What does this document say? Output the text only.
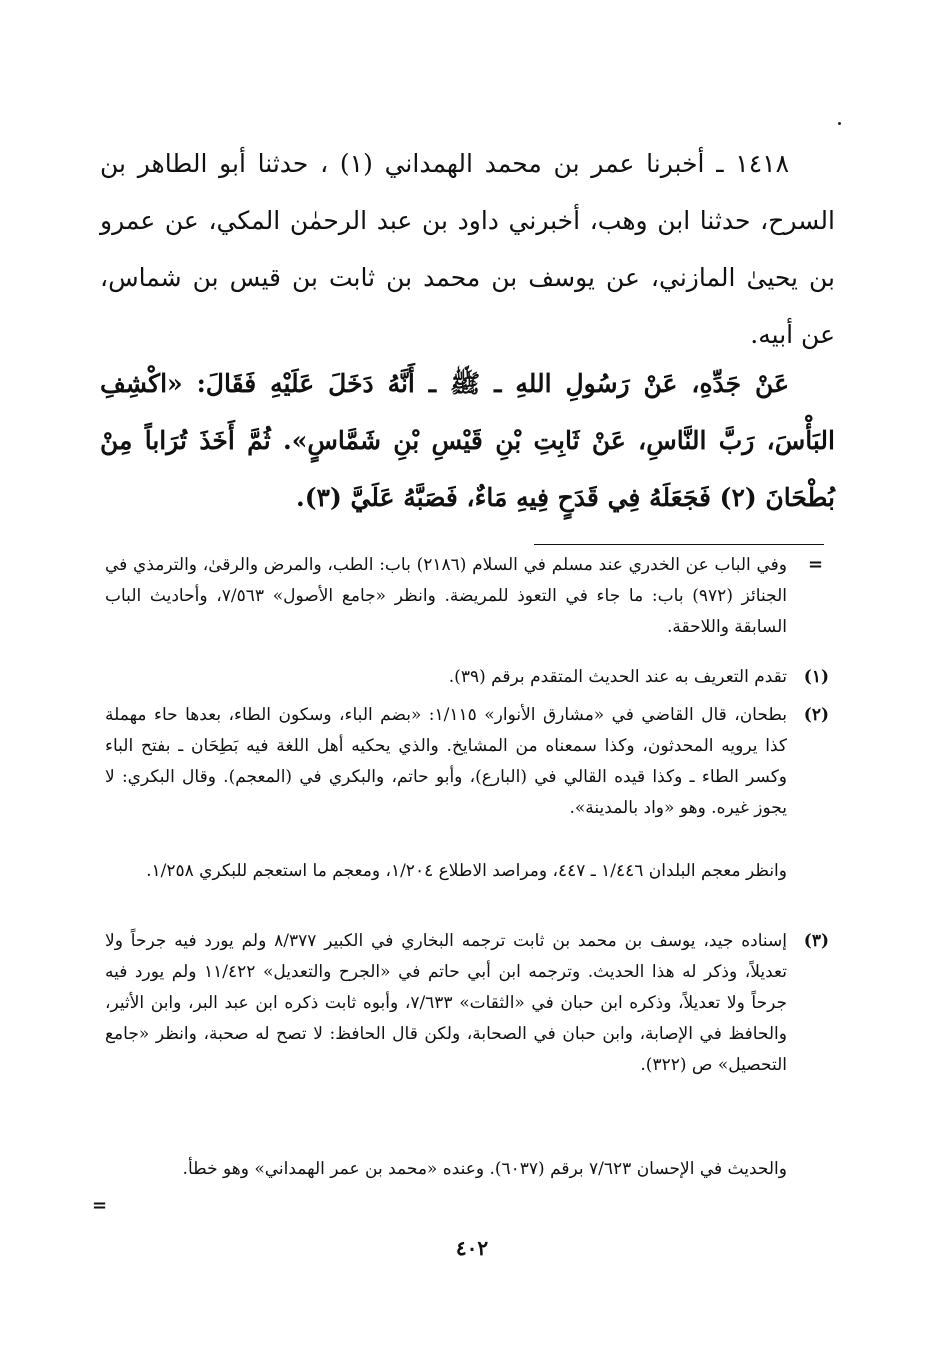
١٤١٨ ـ أخبرنا عمر بن محمد الهمداني (١) ، حدثنا أبو الطاهر بن السرح، حدثنا ابن وهب، أخبرني داود بن عبد الرحمٰن المكي، عن عمرو بن يحيىٰ المازني، عن يوسف بن محمد بن ثابت بن قيس بن شماس، عن أبيه.

عَنْ جَدِّهِ، عَنْ رَسُولِ اللهِ ـ ﷺ ـ أَنَّهُ دَخَلَ عَلَيْهِ فَقَالَ: «اكْشِفِ البَأْسَ، رَبَّ النَّاسِ، عَنْ ثَابِتِ بْنِ قَيْسِ بْنِ شَمَّاسٍ». ثُمَّ أَخَذَ تُرَاباً مِنْ بُطْحَانَ (٢) فَجَعَلَهُ فِي قَدَحٍ فِيهِ مَاءٌ، فَصَبَّهُ عَلَيَّ (٣).

=

وفي الباب عن الخدري عند مسلم في السلام (٢١٨٦) باب: الطب، والمرض والرقىٰ، والترمذي في الجنائز (٩٧٢) باب: ما جاء في التعوذ للمريضة. وانظر «جامع الأصول» ٧/٥٦٣، وأحاديث الباب السابقة واللاحقة.

(١)
تقدم التعريف به عند الحديث المتقدم برقم (٣٩).

(٢)
بطحان، قال القاضي في «مشارق الأنوار» ١/١١٥: «بضم الباء، وسكون الطاء، بعدها حاء مهملة كذا يرويه المحدثون، وكذا سمعناه من المشايخ. والذي يحكيه أهل اللغة فيه بَطِحَان ـ بفتح الباء وكسر الطاء ـ وكذا قيده القالي في (البارع)، وأبو حاتم، والبكري في (المعجم). وقال البكري: لا يجوز غيره. وهو «واد بالمدينة».

وانظر معجم البلدان ١/٤٤٦ ـ ٤٤٧، ومراصد الاطلاع ١/٢٠٤، ومعجم ما استعجم للبكري ١/٢٥٨.

(٣)
إسناده جيد، يوسف بن محمد بن ثابت ترجمه البخاري في الكبير ٨/٣٧٧ ولم يورد فيه جرحاً ولا تعديلاً، وذكر له هذا الحديث. وترجمه ابن أبي حاتم في «الجرح والتعديل» ١١/٤٢٢ ولم يورد فيه جرحاً ولا تعديلاً، وذكره ابن حبان في «الثقات» ٧/٦٣٣، وأبوه ثابت ذكره ابن عبد البر، وابن الأثير، والحافظ في الإصابة، وابن حبان في الصحابة، ولكن قال الحافظ: لا تصح له صحبة، وانظر «جامع التحصيل» ص (٣٢٢).

والحديث في الإحسان ٧/٦٢٣ برقم (٦٠٣٧). وعنده «محمد بن عمر الهمداني» وهو خطأ.

=
٤٠٢
